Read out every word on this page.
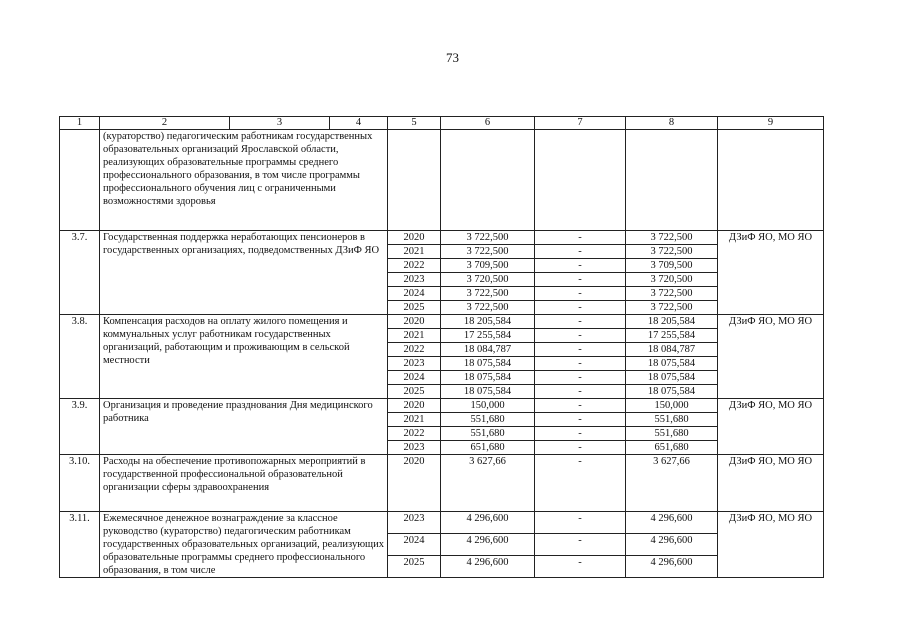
73
1	2	3	4	5	6	7	8	9
	(кураторство) педагогическим работникам государственных образовательных организаций Ярославской области, реализующих образовательные программы среднего профессионального образования, в том числе программы профессионального обучения лиц с ограниченными возможностями здоровья							
3.7.	Государственная поддержка неработающих пенсионеров в государственных организациях, подведомственных ДЗиФ ЯО			2020	3 722,500	-	3 722,500	ДЗиФ ЯО, МО ЯО
				2021	3 722,500	-	3 722,500	
				2022	3 709,500	-	3 709,500	
				2023	3 720,500	-	3 720,500	
				2024	3 722,500	-	3 722,500	
				2025	3 722,500	-	3 722,500	
3.8.	Компенсация расходов на оплату жилого помещения и коммунальных услуг работникам государственных организаций, работающим и проживающим в сельской местности			2020	18 205,584	-	18 205,584	ДЗиФ ЯО, МО ЯО
				2021	17 255,584	-	17 255,584	
				2022	18 084,787	-	18 084,787	
				2023	18 075,584	-	18 075,584	
				2024	18 075,584	-	18 075,584	
				2025	18 075,584	-	18 075,584	
3.9.	Организация и проведение празднования Дня медицинского работника			2020	150,000	-	150,000	ДЗиФ ЯО, МО ЯО
				2021	551,680	-	551,680	
				2022	551,680	-	551,680	
				2023	651,680	-	651,680	
3.10.	Расходы на обеспечение противопожарных мероприятий в государственной профессиональной образовательной организации сферы здравоохранения			2020	3 627,66	-	3 627,66	ДЗиФ ЯО, МО ЯО
3.11.	Ежемесячное денежное вознаграждение за классное руководство (кураторство) педагогическим работникам государственных образовательных организаций, реализующих образовательные программы среднего профессионального образования, в том числе			2023	4 296,600	-	4 296,600	ДЗиФ ЯО, МО ЯО
				2024	4 296,600	-	4 296,600	
				2025	4 296,600	-	4 296,600	
